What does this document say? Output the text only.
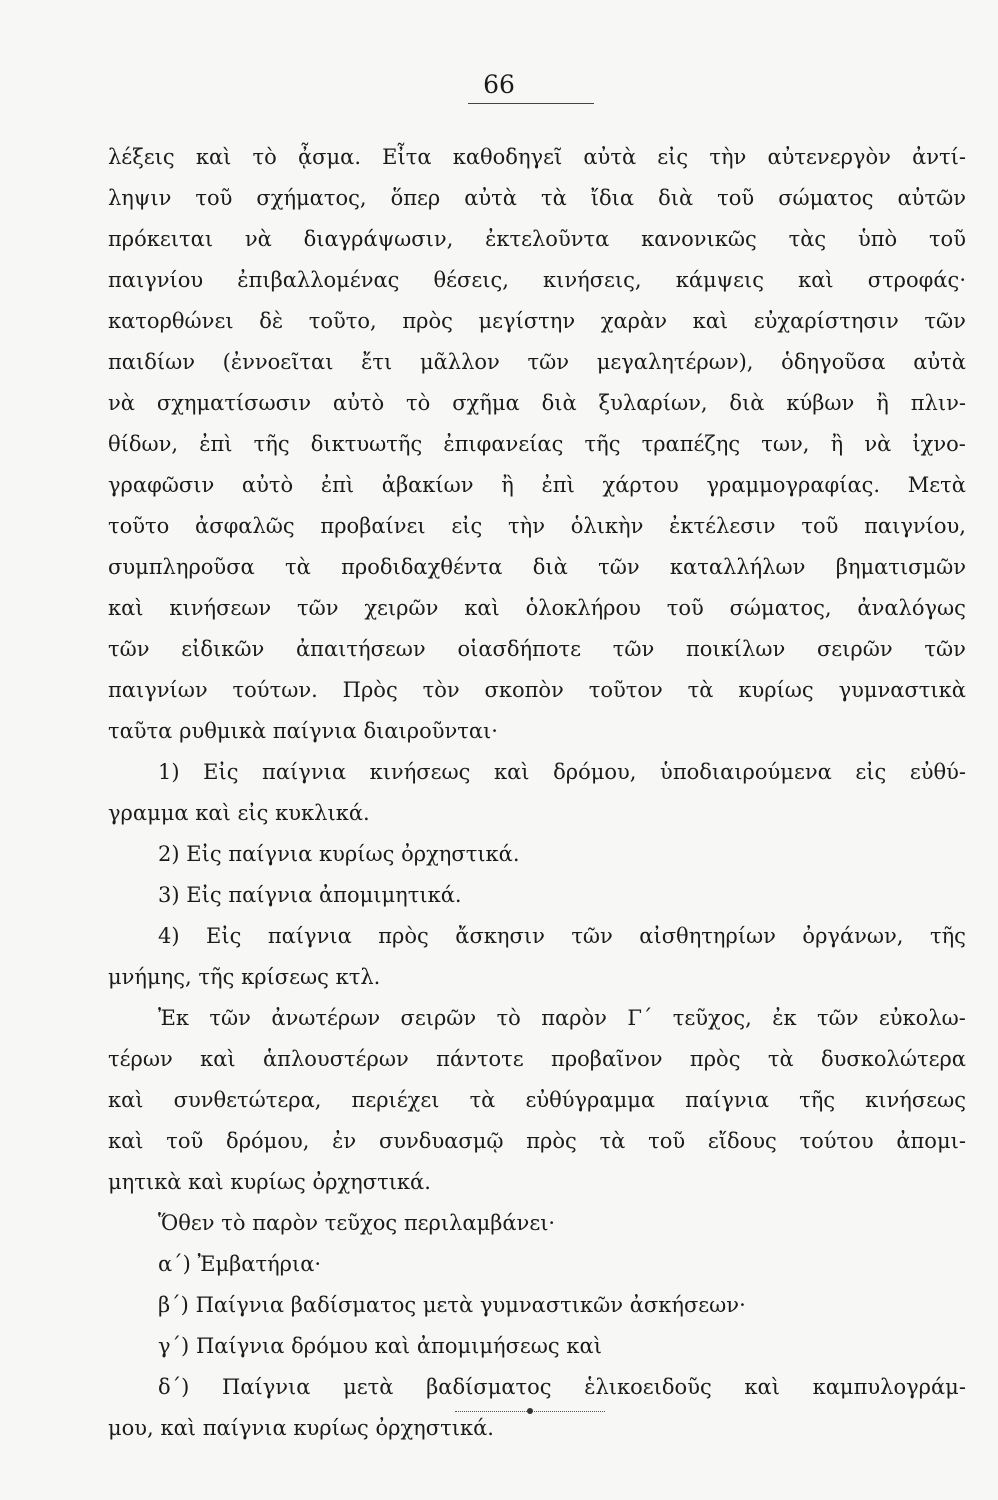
66
λέξεις καὶ τὸ ᾆσμα. Εἶτα καθοδηγεῖ αὐτὰ εἰς τὴν αὐτενεργὸν ἀντί-
ληψιν τοῦ σχήματος, ὅπερ αὐτὰ τὰ ἴδια διὰ τοῦ σώματος αὐτῶν
πρόκειται νὰ διαγράψωσιν, ἐκτελοῦντα κανονικῶς τὰς ὑπὸ τοῦ
παιγνίου ἐπιβαλλομένας θέσεις, κινήσεις, κάμψεις καὶ στροφάς·
κατορθώνει δὲ τοῦτο, πρὸς μεγίστην χαρὰν καὶ εὐχαρίστησιν τῶν
παιδίων (ἐννοεῖται ἔτι μᾶλλον τῶν μεγαλητέρων), ὁδηγοῦσα αὐτὰ
νὰ σχηματίσωσιν αὐτὸ τὸ σχῆμα διὰ ξυλαρίων, διὰ κύβων ἢ πλιν-
θίδων, ἐπὶ τῆς δικτυωτῆς ἐπιφανείας τῆς τραπέζης των, ἢ νὰ ἰχνο-
γραφῶσιν αὐτὸ ἐπὶ ἀβακίων ἢ ἐπὶ χάρτου γραμμογραφίας. Μετὰ
τοῦτο ἀσφαλῶς προβαίνει εἰς τὴν ὁλικὴν ἐκτέλεσιν τοῦ παιγνίου,
συμπληροῦσα τὰ προδιδαχθέντα διὰ τῶν καταλλήλων βηματισμῶν
καὶ κινήσεων τῶν χειρῶν καὶ ὁλοκλήρου τοῦ σώματος, ἀναλόγως
τῶν εἰδικῶν ἀπαιτήσεων οἱασδήποτε τῶν ποικίλων σειρῶν τῶν
παιγνίων τούτων. Πρὸς τὸν σκοπὸν τοῦτον τὰ κυρίως γυμναστικὰ
ταῦτα ρυθμικὰ παίγνια διαιροῦνται·
1) Εἰς παίγνια κινήσεως καὶ δρόμου, ὑποδιαιρούμενα εἰς εὐθύ-
γραμμα καὶ εἰς κυκλικά.
2) Εἰς παίγνια κυρίως ὀρχηστικά.
3) Εἰς παίγνια ἀπομιμητικά.
4) Εἰς παίγνια πρὸς ἄσκησιν τῶν αἰσθητηρίων ὀργάνων, τῆς
μνήμης, τῆς κρίσεως κτλ.
Ἐκ τῶν ἀνωτέρων σειρῶν τὸ παρὸν Γ΄ τεῦχος, ἐκ τῶν εὐκολω-
τέρων καὶ ἁπλουστέρων πάντοτε προβαῖνον πρὸς τὰ δυσκολώτερα
καὶ συνθετώτερα, περιέχει τὰ εὐθύγραμμα παίγνια τῆς κινήσεως
καὶ τοῦ δρόμου, ἐν συνδυασμῷ πρὸς τὰ τοῦ εἴδους τούτου ἀπομι-
μητικὰ καὶ κυρίως ὀρχηστικά.
Ὅθεν τὸ παρὸν τεῦχος περιλαμβάνει·
α΄) Ἐμβατήρια·
β΄) Παίγνια βαδίσματος μετὰ γυμναστικῶν ἀσκήσεων·
γ΄) Παίγνια δρόμου καὶ ἀπομιμήσεως καὶ
δ΄) Παίγνια μετὰ βαδίσματος ἑλικοειδοῦς καὶ καμπυλογράμ-
μου, καὶ παίγνια κυρίως ὀρχηστικά.
